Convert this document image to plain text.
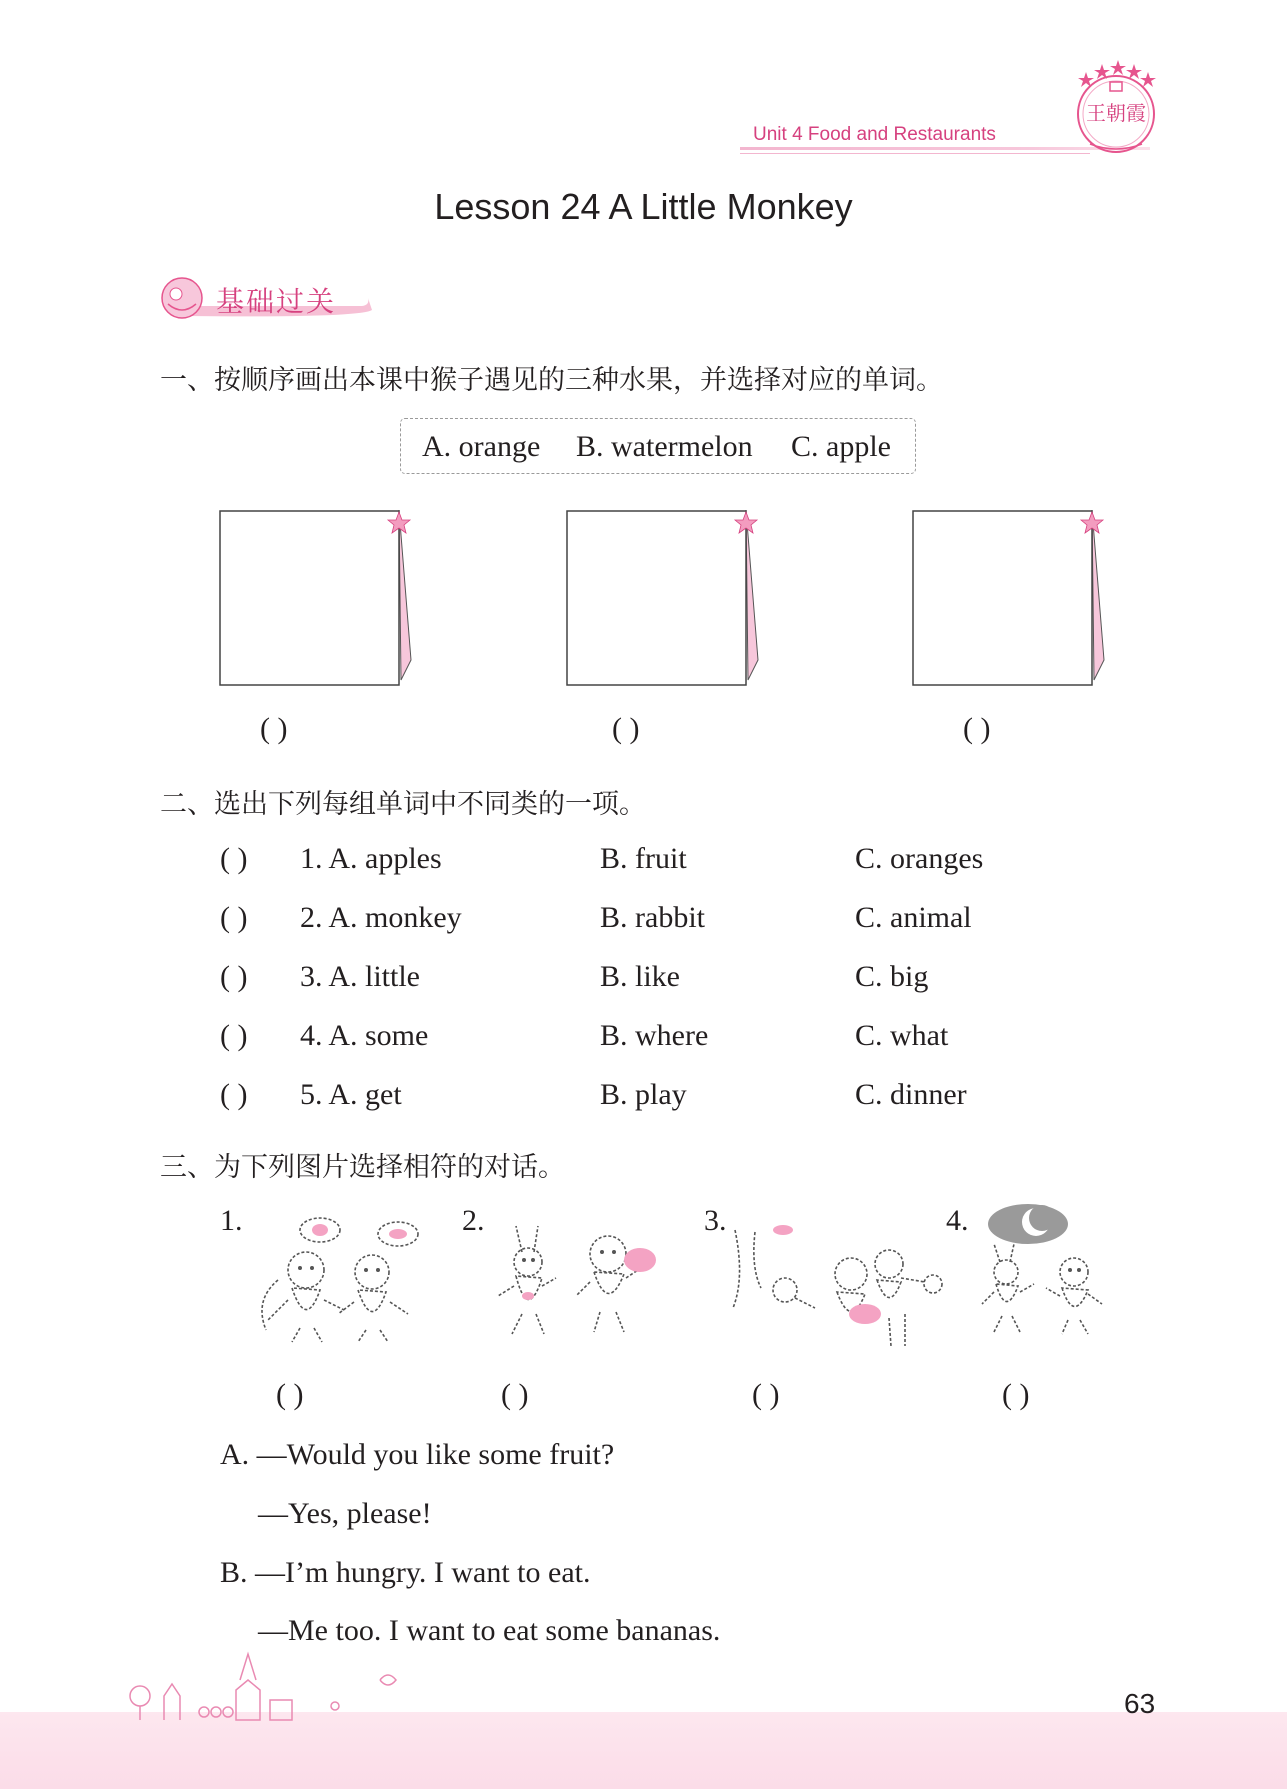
Unit 4 Food and Restaurants
王朝霞
Lesson 24 A Little Monkey
基础过关
一、按顺序画出本课中猴子遇见的三种水果，并选择对应的单词。
A. orange B. watermelon C. apple
( )	( )	( )
二、选出下列每组单词中不同类的一项。
( ) 1. A. apples	B. fruit	C. oranges
( ) 2. A. monkey	B. rabbit	C. animal
( ) 3. A. little	B. like	C. big
( ) 4. A. some	B. where	C. what
( ) 5. A. get	B. play	C. dinner
三、为下列图片选择相符的对话。
1.	2.	3.	4.
( )	( )	( )	( )
A. —Would you like some fruit?
—Yes, please!
B. —I’m hungry. I want to eat.
—Me too. I want to eat some bananas.
63
